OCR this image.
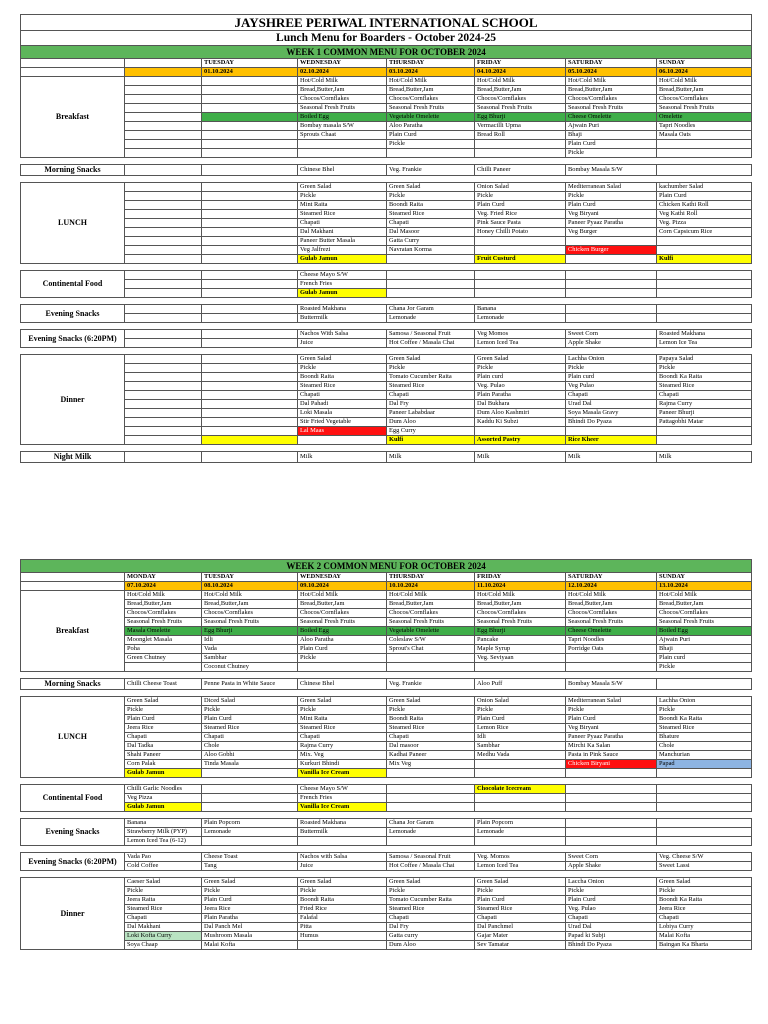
JAYSHREE PERIWAL INTERNATIONAL SCHOOL							
Lunch Menu for Boarders - October 2024-25							
WEEK 1 COMMON MENU FOR OCTOBER 2024							
		TUESDAY	WEDNESDAY	THURSDAY	FRIDAY	SATURDAY	SUNDAY
		01.10.2024	02.10.2024	03.10.2024	04.10.2024	05.10.2024	06.10.2024
Breakfast			Hot/Cold Milk	Hot/Cold Milk	Hot/Cold Milk	Hot/Cold Milk	Hot/Cold Milk
			Bread,Butter,Jam	Bread,Butter,Jam	Bread,Butter,Jam	Bread,Butter,Jam	Bread,Butter,Jam
			Chocos/Cornflakes	Chocos/Cornflakes	Chocos/Cornflakes	Chocos/Cornflakes	Chocos/Cornflakes
			Seasonal Fresh Fruits	Seasonal Fresh Fruits	Seasonal Fresh Fruits	Seasonal Fresh Fruits	Seasonal Fresh Fruits
			Boiled Egg	Vegetable Omelette	Egg Bhurji	Cheese Omelette	Omelette
			Bombay masala S/W	Aloo Paratha	Vermacilli Upma	Ajwain Puri	Tapri Noodles
			Sprouts Chaat	Plain Curd	Bread Roll	Bhaji	Masala Oats
				Pickle		Plain Curd	
						Pickle	

Morning Snacks			Chinese Bhel	Veg. Frankie	Chilli Paneer	Bombay Masala S/W	

LUNCH			Green Salad	Green Salad	Onion Salad	Mediterranean Salad	kachumber Salad
			Pickle	Pickle	Pickle	Pickle	Plain Curd
			Mint Raita	Boondi Raita	Plain Curd	Plain Curd	Chicken Kathi Roll
			Steamed Rice	Steamed Rice	Veg. Fried Rice	Veg Biryani	Veg Kathi Roll
			Chapati	Chapati	Pink Sauce Pasta	Paneer Pyaaz Paratha	Veg. Pizza
			Dal Makhani	Dal Masoor	Honey Chilli Potato	Veg Burger	Corn Capsicum Rice
			Paneer Butter Masala	Gatta Curry			
			Veg Jalfrezi	Navratan Korma		Chicken Burger	
			Gulab Jamun		Fruit Custurd		Kulfi

Continental Food			Cheese Mayo S/W				
			French Fries				
			Gulab Jamun				

Evening Snacks			Roasted Makhana	Chana Jor Garam	Banana		
			Buttermilk	Lemonade	Lemonade		

Evening Snacks (6:20PM)			Nachos With Salsa	Samosa / Seasonal Fruit	Veg Momos	Sweet Corn	Roasted Makhana
			Juice	Hot Coffee / Masala Chai	Lemon Iced Tea	Apple Shake	Lemon Ice Tea

Dinner			Green Salad	Green Salad	Green Salad	Lachha Onion	Papaya Salad
			Pickle	Pickle	Pickle	Pickle	Pickle
			Boondi Raita	Tomato Cucumber Raita	Plain curd	Plain curd	Boondi Ka Raita
			Steamed Rice	Steamed Rice	Veg. Pulao	Veg Pulao	Steamed Rice
			Chapati	Chapati	Plain Paratha	Chapati	Chapati
			Dal Pahadi	Dal Fry	Dal Bukhara	Urad Dal	Rajma Curry
			Loki Masala	Paneer Lababdaar	Dum Aloo Kashmiri	Soya Masala Gravy	Paneer Bhurji
			Stir Fried Vegetable	Dum Aloo	Kaddu Ki Subzi	Bhindi Do Pyaza	Pattagobhi Matar
			Lal Maas	Egg Curry			
				Kulfi	Assorted Pastry	Rice Kheer	

Night Milk			Milk	Milk	Milk	Milk	Milk
WEEK 2 COMMON MENU FOR OCTOBER 2024							
	MONDAY	TUESDAY	WEDNESDAY	THURSDAY	FRIDAY	SATURDAY	SUNDAY
	07.10.2024	08.10.2024	09.10.2024	10.10.2024	11.10.2024	12.10.2024	13.10.2024
Breakfast	Hot/Cold Milk	Hot/Cold Milk	Hot/Cold Milk	Hot/Cold Milk	Hot/Cold Milk	Hot/Cold Milk	Hot/Cold Milk
	Bread,Butter,Jam	Bread,Butter,Jam	Bread,Butter,Jam	Bread,Butter,Jam	Bread,Butter,Jam	Bread,Butter,Jam	Bread,Butter,Jam
	Chocos/Cornflakes	Chocos/Cornflakes	Chocos/Cornflakes	Chocos/Cornflakes	Chocos/Cornflakes	Chocos/Cornflakes	Chocos/Cornflakes
	Seasonal Fresh Fruits	Seasonal Fresh Fruits	Seasonal Fresh Fruits	Seasonal Fresh Fruits	Seasonal Fresh Fruits	Seasonal Fresh Fruits	Seasonal Fresh Fruits
	Masala Omelette	Egg Bhurji	Boiled Egg	Vegetable Omelette	Egg Bhurji	Cheese Omelette	Boiled Egg
	Moonglet Masala	Idli	Aloo Paratha	Coleslaw S/W	Pancake	Tapri Noodles	Ajwain Puri
	Poha	Vada	Plain Curd	Sprout's Chat	Maple Syrup	Porridge Oats	Bhaji
	Green Chutney	Sambhar	Pickle		Veg. Seviyaan		Plain curd
		Coconut Chutney					Pickle

Morning Snacks	Chilli Cheese Toast	Penne Pasta in White Sauce	Chinese Bhel	Veg. Frankie	Aloo Puff	Bombay Masala S/W	

LUNCH	Green Salad	Diced Salad	Green Salad	Green Salad	Onion Salad	Mediterranean Salad	Lachha Onion
	Pickle	Pickle	Pickle	Pickle	Pickle	Pickle	Pickle
	Plain Curd	Plain Curd	Mint Raita	Boondi Raita	Plain Curd	Plain Curd	Boondi Ka Raita
	Jeera Rice	Steamed Rice	Steamed Rice	Steamed Rice	Lemon Rice	Veg Biryani	Steamed Rice
	Chapati	Chapati	Chapati	Chapati	Idli	Paneer Pyaaz Paratha	Bhature
	Dal Tadka	Chole	Rajma Curry	Dal masoor	Sambhar	Mirchi Ka Salan	Chole
	Shahi Paneer	Aloo Gobhi	Mix. Veg	Kadhai Paneer	Medhu Vada	Pasta in Pink Sauce	Manchurian
	Corn Palak	Tinda Masala	Kurkuri Bhindi	Mix Veg		Chicken Biryani	Papad
	Gulab Jamun		Vanilla Ice Cream				

Continental Food	Chilli Garlic Noodles		Cheese Mayo S/W		Chocolate Icecream		
	Veg Pizza		French Fries				
	Gulab Jamun		Vanilla Ice Cream				

Evening Snacks	Banana	Plain Popcorn	Roasted Makhana	Chana Jor Garam	Plain Popcorn		
	Strawberry Milk (PYP)	Lemonade	Buttermilk	Lemonade	Lemonade		
	Lemon Iced Tea (6-12)						

Evening Snacks (6:20PM)	Vada Pao	Cheese Toast	Nachos with Salsa	Samosa / Seasonal Fruit	Veg. Momos	Sweet Corn	Veg. Cheese S/W
	Cold Coffee	Tang	Juice	Hot Coffee / Masala Chai	Lemon Iced Tea	Apple Shake	Sweet Lassi

Dinner	Caeser Salad	Green Salad	Green Salad	Green Salad	Green Salad	Laccha Onion	Green Salad
	Pickle	Pickle	Pickle	Pickle	Pickle	Pickle	Pickle
	Jeera Raita	Plain Curd	Boondi Raita	Tomato Cucumber Raita	Plain Curd	Plain Curd	Boondi Ka Raita
	Steamed Rice	Jeera Rice	Fried Rice	Steamed Rice	Steamed Rice	Veg. Pulao	Jeera Rice
	Chapati	Plain Paratha	Falafal	Chapati	Chapati	Chapati	Chapati
	Dal Makhani	Dal Panch Mel	Pitta	Dal Fry	Dal Panchmel	Urad Dal	Lobiya Curry
	Loki Kofta Curry	Mushroom Masala	Humus	Gatta curry	Gajar Mater	Papad ki Subji	Malai Kofta
	Soya Chaap	Malai Kofta		Dum Aloo	Sev Tamatar	Bhindi Do Pyaza	Baingan Ka Bharta
